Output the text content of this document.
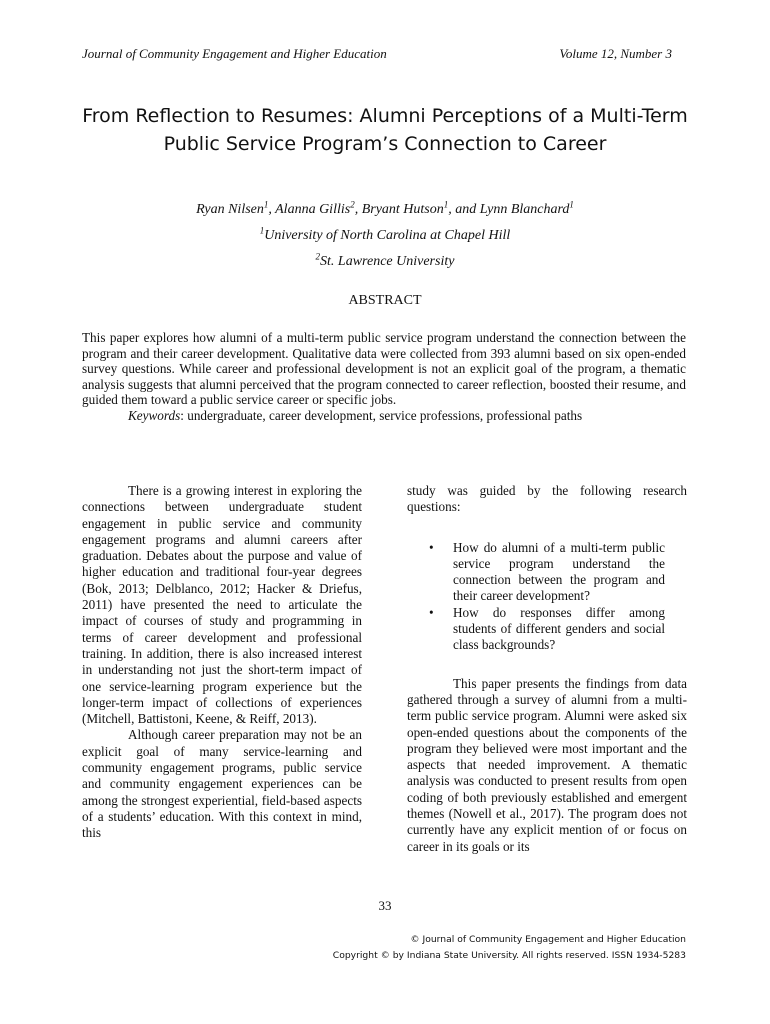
Journal of Community Engagement and Higher Education	Volume 12, Number 3
From Reflection to Resumes: Alumni Perceptions of a Multi-Term
Public Service Program’s Connection to Career
Ryan Nilsen$^1$, Alanna Gillis$^2$, Bryant Hutson$^1$, and Lynn Blanchard$^1$
$^1$University of North Carolina at Chapel Hill
$^2$St. Lawrence University
ABSTRACT

This paper explores how alumni of a multi-term public service program understand the connection between the program and their career development. Qualitative data were collected from 393 alumni based on six open-ended survey questions. While career and professional development is not an explicit goal of the program, a thematic analysis suggests that alumni perceived that the program connected to career reflection, boosted their resume, and guided them toward a public service career or specific jobs.

Keywords: undergraduate, career development, service professions, professional paths

There is a growing interest in exploring the connections between undergraduate student engagement in public service and community engagement programs and alumni careers after graduation. Debates about the purpose and value of higher education and traditional four-year degrees (Bok, 2013; Delblanco, 2012; Hacker & Driefus, 2011) have presented the need to articulate the impact of courses of study and programming in terms of career development and professional training. In addition, there is also increased interest in understanding not just the short-term impact of one service-learning program experience but the longer-term impact of collections of experiences (Mitchell, Battistoni, Keene, & Reiff, 2013).

Although career preparation may not be an explicit goal of many service-learning and community engagement programs, public service and community engagement experiences can be among the strongest experiential, field-based aspects of a students’ education. With this context in mind, this

study was guided by the following research questions:

• How do alumni of a multi-term public service program understand the connection between the program and their career development?
• How do responses differ among students of different genders and social class backgrounds?

This paper presents the findings from data gathered through a survey of alumni from a multi-term public service program. Alumni were asked six open-ended questions about the components of the program they believed were most important and the aspects that needed improvement. A thematic analysis was conducted to present results from open coding of both previously established and emergent themes (Nowell et al., 2017). The program does not currently have any explicit mention of or focus on career in its goals or its

33
© Journal of Community Engagement and Higher Education
Copyright © by Indiana State University. All rights reserved. ISSN 1934-5283
